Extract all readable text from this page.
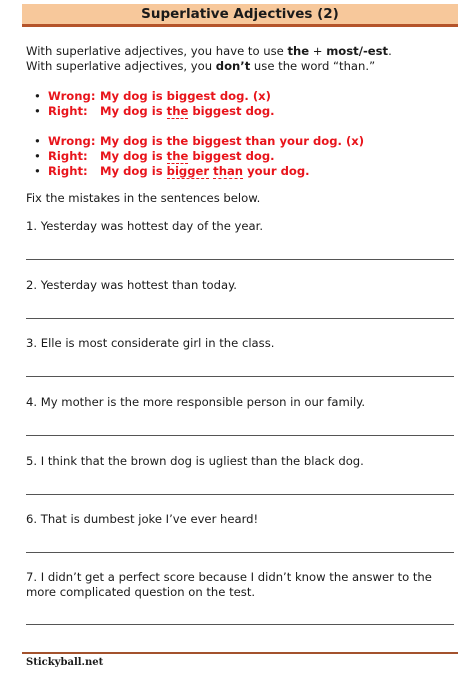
Superlative Adjectives (2)
With superlative adjectives, you have to use the + most/-est.
With superlative adjectives, you don’t use the word “than.”
• Wrong: My dog is biggest dog. (x)
• Right: My dog is the biggest dog.
• Wrong: My dog is the biggest than your dog. (x)
• Right: My dog is the biggest dog.
• Right: My dog is bigger than your dog.
Fix the mistakes in the sentences below.
1. Yesterday was hottest day of the year.
2. Yesterday was hottest than today.
3. Elle is most considerate girl in the class.
4. My mother is the more responsible person in our family.
5. I think that the brown dog is ugliest than the black dog.
6. That is dumbest joke I’ve ever heard!
7. I didn’t get a perfect score because I didn’t know the answer to the more complicated question on the test.
Stickyball.net
